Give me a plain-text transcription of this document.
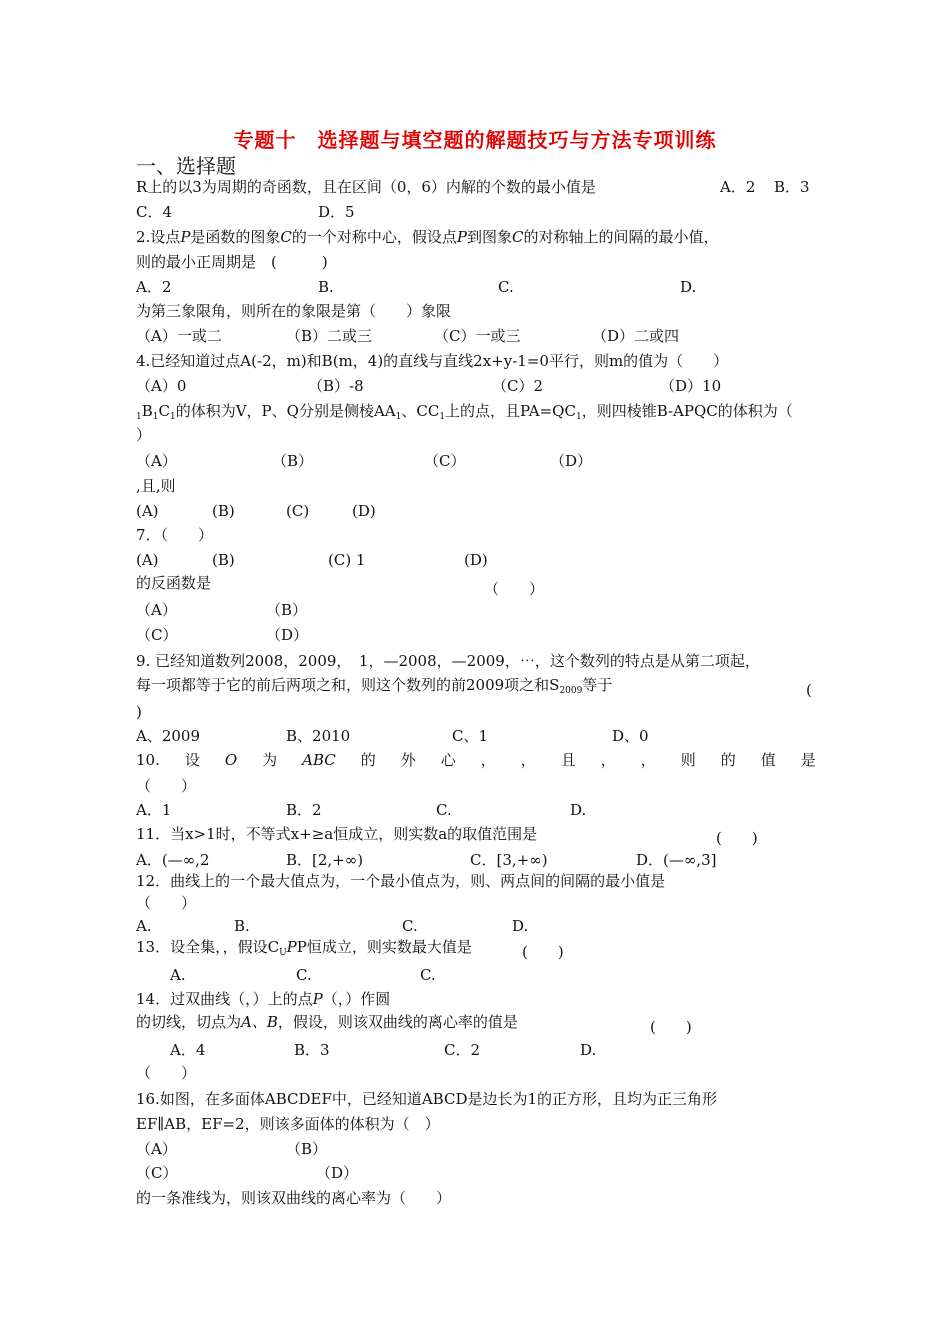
专题十　选择题与填空题的解题技巧与方法专项训练
一、选择题
R上的以3为周期的奇函数，且在区间（0，6）内解的个数的最小值是	A．2 B．3
C．4	D．5
2.设点P是函数的图象C的一个对称中心，假设点P到图象C的对称轴上的间隔的最小值，
则的最小正周期是　(　　　)
A．2	B.	C.	D.
为第三象限角，则所在的象限是第（　　）象限
（A）一或二	（B）二或三	（C）一或三	（D）二或四
4.已经知道过点A(-2，m)和B(m，4)的直线与直线2x+y-1=0平行，则m的值为（　　）
（A）0	（B）-8	（C）2	（D）10
$_1B_1C_1$的体积为V，P、Q分别是侧棱$AA_1$、$CC_1$上的点，且$PA=QC_1$，则四棱锥B-APQC的体积为（
）
（A）	（B）	（C）	（D）
,且,则
(A)	(B)	(C)	(D)
7．（　　）
(A)	(B)	(C) 1	(D)
的反函数是	（　　）
（A）	（B）
（C）	（D）
9. 已经知道数列2008，2009，　1，—2008，—2009，⋯，这个数列的特点是从第二项起，
每一项都等于它的前后两项之和，则这个数列的前2009项之和$S_{2009}$等于	(
)
A、2009	B、2010	C、1	D、0
10. 设 O 为 ABC 的 外 心 ， ， 且 ， ， 则 的 值 是
（　　）
A．1	B．2	C.	D.
11．当x>1时，不等式x+≥a恒成立，则实数a的取值范围是	(　　)
A．(—∞,2	B．[2,+∞)	C．[3,+∞)	D．(—∞,3]
12．曲线上的一个最大值点为，一个最小值点为，则、两点间的间隔的最小值是
（　　）
A.	B.	C.	D.
13．设全集，，假设$C_UPP$恒成立，则实数最大值是	(　　)
A.	C.	C.
14．过双曲线（，）上的点P（，）作圆
的切线，切点为A、B，假设，则该双曲线的离心率的值是	(　　)
A．4	B．3	C．2	D.
（　　）
16.如图，在多面体ABCDEF中，已经知道ABCD是边长为1的正方形，且均为正三角形
EF∥AB，EF=2，则该多面体的体积为（　）
（A）	（B）
（C）	（D）
的一条准线为，则该双曲线的离心率为（　　）
